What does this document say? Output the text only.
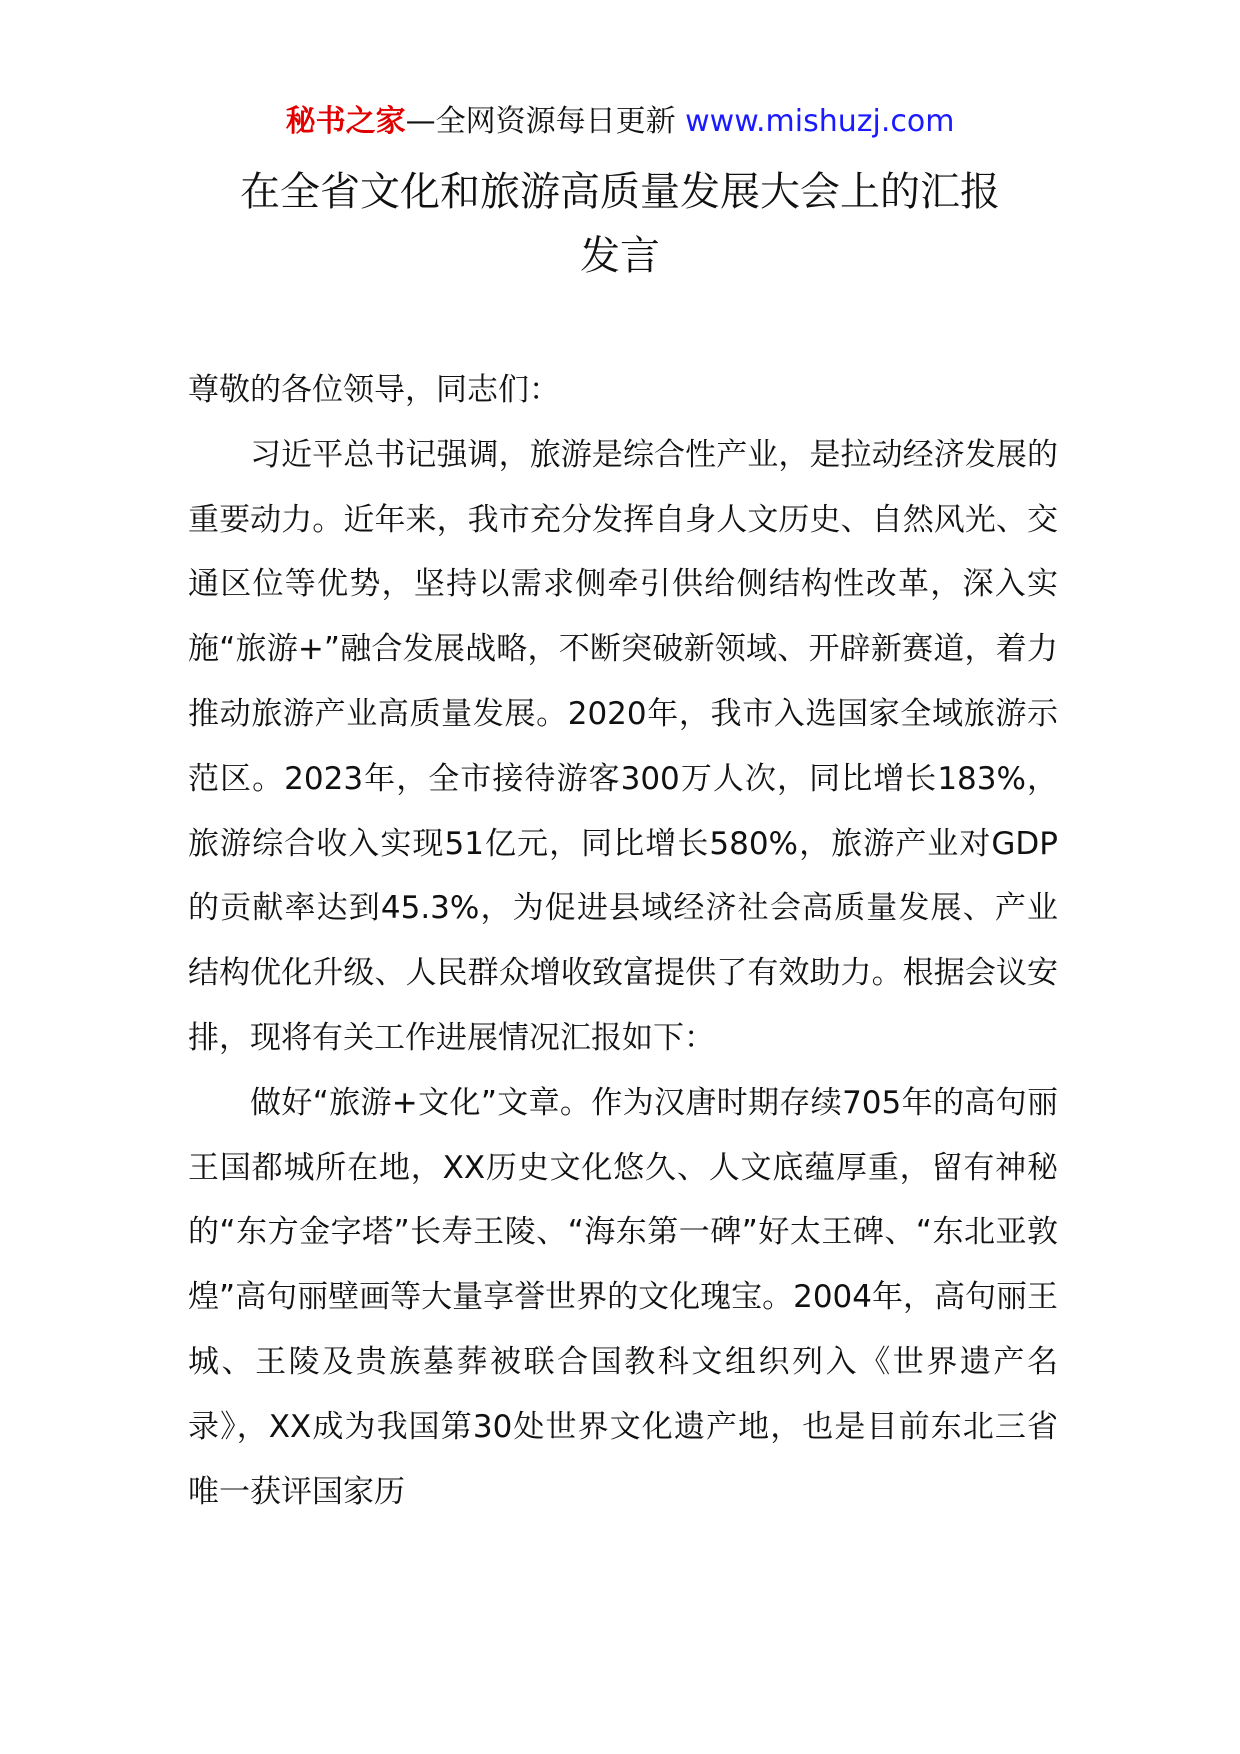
秘书之家—全网资源每日更新 www.mishuzj.com
在全省文化和旅游高质量发展大会上的汇报
发言

尊敬的各位领导，同志们：

习近平总书记强调，旅游是综合性产业，是拉动经济发展的重要动力。近年来，我市充分发挥自身人文历史、自然风光、交通区位等优势，坚持以需求侧牵引供给侧结构性改革，深入实施“旅游+”融合发展战略，不断突破新领域、开辟新赛道，着力推动旅游产业高质量发展。2020年，我市入选国家全域旅游示范区。2023年，全市接待游客300万人次，同比增长183%，旅游综合收入实现51亿元，同比增长580%，旅游产业对GDP的贡献率达到45.3%，为促进县域经济社会高质量发展、产业结构优化升级、人民群众增收致富提供了有效助力。根据会议安排，现将有关工作进展情况汇报如下：

做好“旅游+文化”文章。作为汉唐时期存续705年的高句丽王国都城所在地，XX历史文化悠久、人文底蕴厚重，留有神秘的“东方金字塔”长寿王陵、“海东第一碑”好太王碑、“东北亚敦煌”高句丽壁画等大量享誉世界的文化瑰宝。2004年，高句丽王城、王陵及贵族墓葬被联合国教科文组织列入《世界遗产名录》，XX成为我国第30处世界文化遗产地，也是目前东北三省唯一获评国家历
